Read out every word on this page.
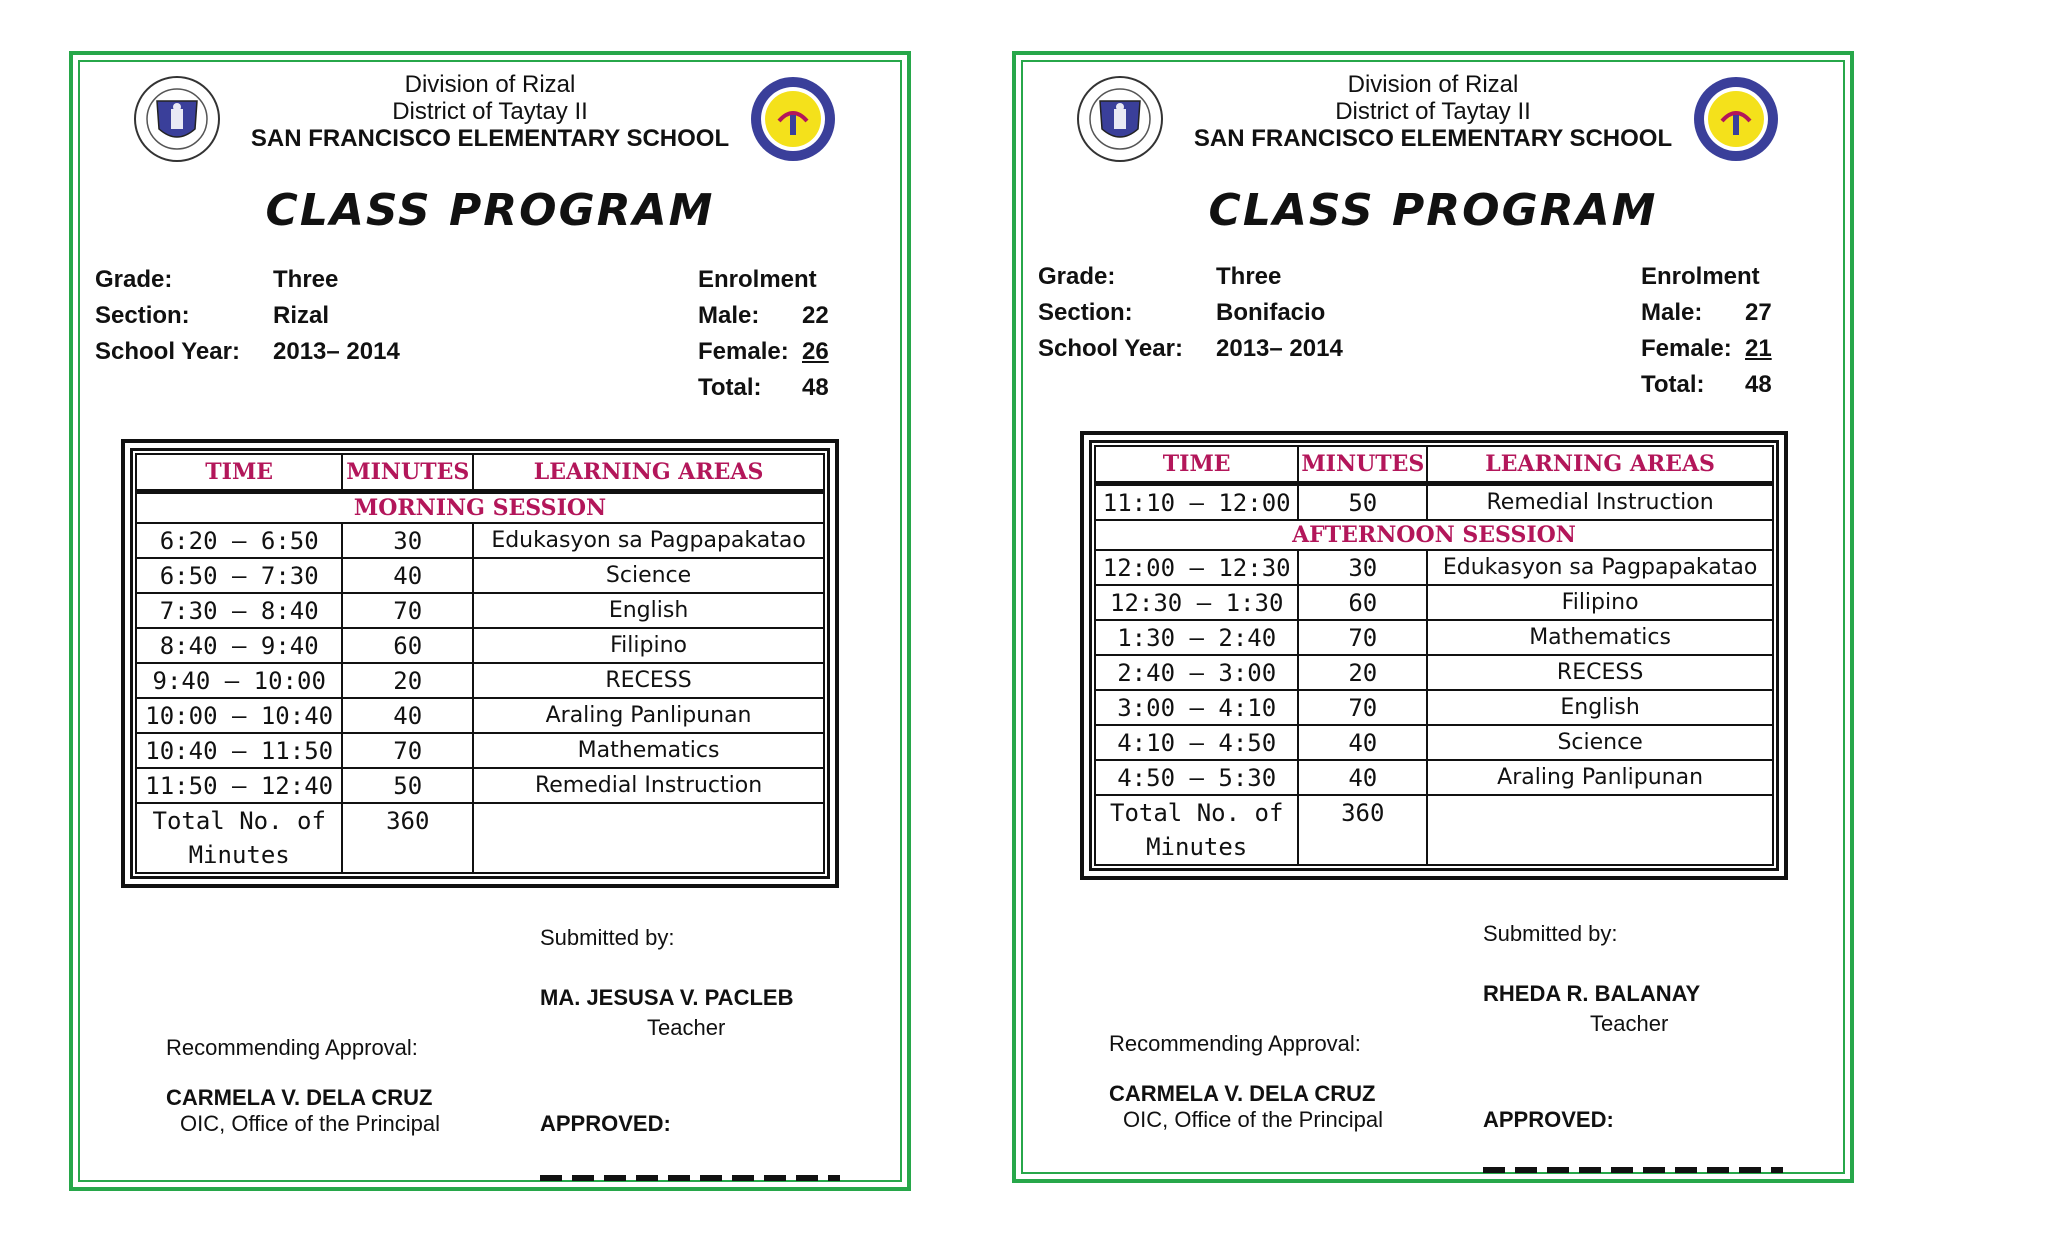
Division of Rizal
District of Taytay II
SAN FRANCISCO ELEMENTARY SCHOOL
CLASS PROGRAM
Grade:	Three
Section:	Rizal
School Year:	2013– 2014
Enrolment	
Male:	22
Female:	26
Total:	48
TIME	MINUTES	LEARNING AREAS
MORNING SESSION		
6:20 – 6:50	30	Edukasyon sa Pagpapakatao
6:50 – 7:30	40	Science
7:30 – 8:40	70	English
8:40 – 9:40	60	Filipino
9:40 – 10:00	20	RECESS
10:00 – 10:40	40	Araling Panlipunan
10:40 – 11:50	70	Mathematics
11:50 – 12:40	50	Remedial Instruction
Total No. of
Minutes	360	
Submitted by:
MA. JESUSA V. PACLEB
Teacher
Recommending Approval:
CARMELA V. DELA CRUZ
OIC, Office of the Principal	APPROVED:
Division of Rizal
District of Taytay II
SAN FRANCISCO ELEMENTARY SCHOOL
CLASS PROGRAM
Grade:	Three
Section:	Bonifacio
School Year:	2013– 2014
Enrolment	
Male:	27
Female:	21
Total:	48
TIME	MINUTES	LEARNING AREAS
11:10 – 12:00	50	Remedial Instruction
AFTERNOON SESSION		
12:00 – 12:30	30	Edukasyon sa Pagpapakatao
12:30 – 1:30	60	Filipino
1:30 – 2:40	70	Mathematics
2:40 – 3:00	20	RECESS
3:00 – 4:10	70	English
4:10 – 4:50	40	Science
4:50 – 5:30	40	Araling Panlipunan
Total No. of
Minutes	360	
Submitted by:
RHEDA R. BALANAY
Teacher
Recommending Approval:
CARMELA V. DELA CRUZ
OIC, Office of the Principal	APPROVED:
